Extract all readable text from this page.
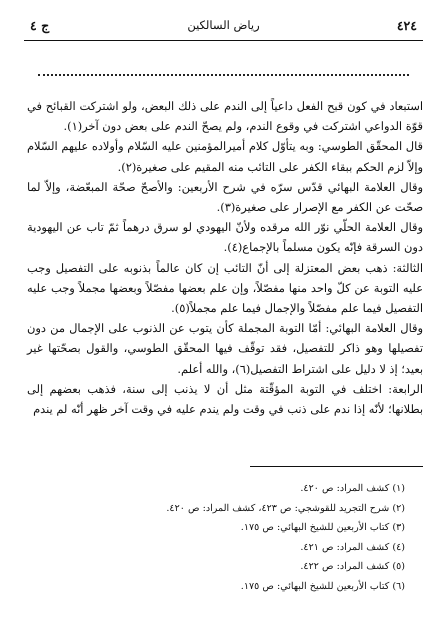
٤٢٤
رياض السالكين
ج ٤

استبعاد في كون قبح الفعل داعياً إلى الندم على ذلك البعض، ولو اشتركت القبائح في قوّة الدواعي اشتركت في وقوع الندم، ولم يصحّ الندم على بعض دون آخر(١).

قال المحقّق الطوسي: وبه يتأوّل كلام أميرالمؤمنين عليه السّلام وأولاده عليهم السّلام وإلاّ لزم الحكم ببقاء الكفر على التائب منه المقيم على صغيرة(٢).

وقال العلامة البهائي قدّس سرّه في شرح الأربعين: والأصحّ صحّة المبعّضة، وإلاّ لما صحّت عن الكفر مع الإصرار على صغيرة(٣).

وقال العلامة الحلّي نوّر الله مرقده ولأنّ اليهودي لو سرق درهماً ثمّ تاب عن اليهودية دون السرقة فإنّه يكون مسلماً بالإجماع(٤).

الثالثة: ذهب بعض المعتزلة إلى أنّ التائب إن كان عالماً بذنوبه على التفصيل وجب عليه التوبة عن كلّ واحد منها مفصّلاً، وإن علم بعضها مفصّلاً وبعضها مجملاً وجب عليه التفصيل فيما علم مفصّلاً والإجمال فيما علم مجملاً(٥).

وقال العلامة البهائي: أمّا التوبة المجملة كأن يتوب عن الذنوب على الإجمال من دون تفصيلها وهو ذاكر للتفصيل، فقد توقّف فيها المحقّق الطوسي، والقول بصحّتها غير بعيد؛ إذ لا دليل على اشتراط التفصيل(٦)، والله أعلم.

الرابعة: اختلف في التوبة المؤقّتة مثل أن لا يذنب إلى سنة، فذهب بعضهم إلى بطلانها؛ لأنّه إذا ندم على ذنب في وقت ولم يندم عليه في وقت آخر ظهر أنّه لم يندم

(١) كشف المراد: ص ٤٢٠.
(٢) شرح التجريد للقوشجي: ص ٤٢٣، كشف المراد: ص ٤٢٠.
(٣) كتاب الأربعين للشيخ البهائي: ص ١٧٥.
(٤) كشف المراد: ص ٤٢١.
(٥) كشف المراد: ص ٤٢٢.
(٦) كتاب الأربعين للشيخ البهائي: ص ١٧٥.
